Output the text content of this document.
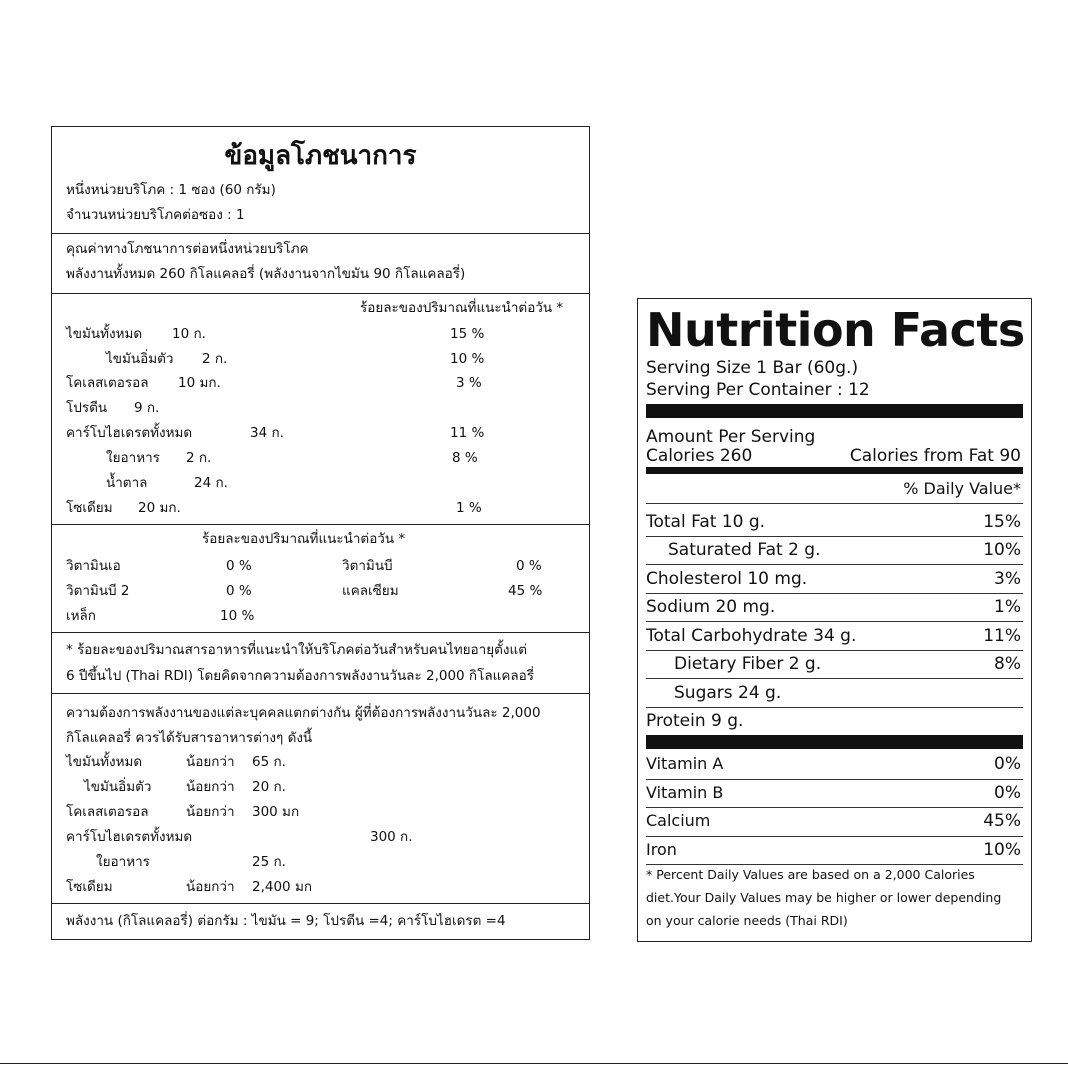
ข้อมูลโภชนาการ
หนึ่งหน่วยบริโภค : 1 ซอง (60 กรัม)
จำนวนหน่วยบริโภคต่อซอง : 1
คุณค่าทางโภชนาการต่อหนึ่งหน่วยบริโภค
พลังงานทั้งหมด 260 กิโลแคลอรี่ (พลังงานจากไขมัน 90 กิโลแคลอรี่)
ร้อยละของปริมาณที่แนะนำต่อวัน *
ไขมันทั้งหมด 10 ก.	15 %
ไขมันอิ่มตัว 2 ก.	10 %
โคเลสเตอรอล 10 มก.	3 %
โปรตีน 9 ก.
คาร์โบไฮเดรตทั้งหมด	34 ก.	11 %
ใยอาหาร 2 ก.	8 %
น้ำตาล	24 ก.
โซเดียม 20 มก.	1 %
ร้อยละของปริมาณที่แนะนำต่อวัน *
วิตามินเอ	0 %	วิตามินบี	0 %
วิตามินบี 2	0 %	แคลเซียม	45 %
เหล็ก	10 %
* ร้อยละของปริมาณสารอาหารที่แนะนำให้บริโภคต่อวันสำหรับคนไทยอายุตั้งแต่
6 ปีขึ้นไป (Thai RDI) โดยคิดจากความต้องการพลังงานวันละ 2,000 กิโลแคลอรี่
ความต้องการพลังงานของแต่ละบุคคลแตกต่างกัน ผู้ที่ต้องการพลังงานวันละ 2,000
กิโลแคลอรี่ ควรได้รับสารอาหารต่างๆ ดังนี้
ไขมันทั้งหมด	น้อยกว่า 65 ก.
ไขมันอิ่มตัว	น้อยกว่า 20 ก.
โคเลสเตอรอล	น้อยกว่า 300 มก
คาร์โบไฮเดรตทั้งหมด	300 ก.
ใยอาหาร	25 ก.
โซเดียม	น้อยกว่า 2,400 มก
พลังงาน (กิโลแคลอรี่) ต่อกรัม : ไขมัน = 9; โปรตีน =4; คาร์โบไฮเดรต =4
Nutrition Facts
Serving Size 1 Bar (60g.)
Serving Per Container : 12
Amount Per Serving
Calories 260	Calories from Fat 90
% Daily Value*
Total Fat 10 g.	15%
Saturated Fat 2 g.	10%
Cholesterol 10 mg.	3%
Sodium 20 mg.	1%
Total Carbohydrate 34 g.	11%
Dietary Fiber 2 g.	8%
Sugars 24 g.
Protein 9 g.
Vitamin A	0%
Vitamin B	0%
Calcium	45%
Iron	10%
* Percent Daily Values are based on a 2,000 Calories
diet.Your Daily Values may be higher or lower depending
on your calorie needs (Thai RDI)
